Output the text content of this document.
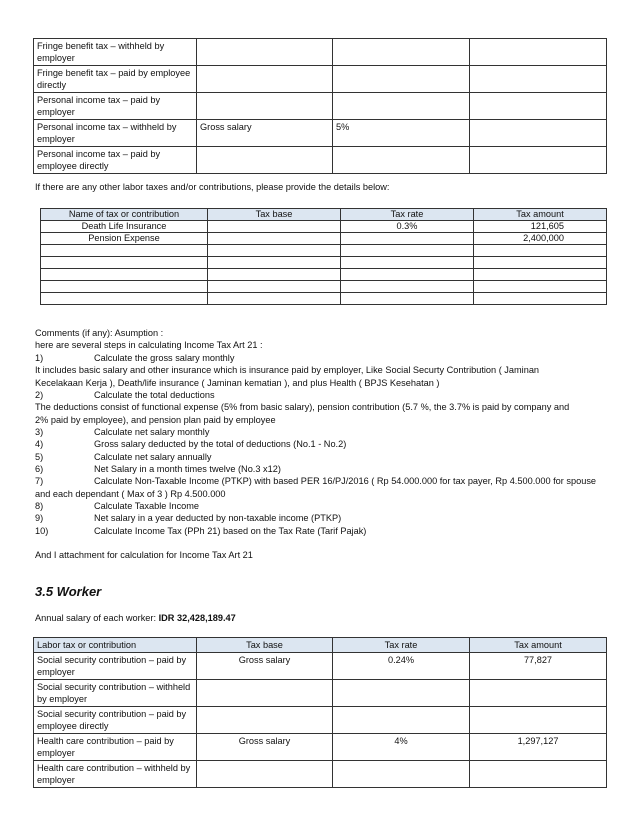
Fringe benefit tax – withheld by employer			
Fringe benefit tax – paid by employee directly			
Personal income tax – paid by employer			
Personal income tax – withheld by employer	Gross salary	5%	
Personal income tax – paid by employee directly			

If there are any other labor taxes and/or contributions, please provide the details below:

Name of tax or contribution	Tax base	Tax rate	Tax amount
Death Life Insurance		0.3%	121,605
Pension Expense			2,400,000

Comments (if any): Asumption :

here are several steps in calculating Income Tax Art 21 :

1)	Calculate the gross salary monthly

It includes basic salary and other insurance which is insurance paid by employer, Like Social Securty Contribution ( Jaminan

Kecelakaan Kerja ), Death/life insurance ( Jaminan kematian ), and plus Health ( BPJS Kesehatan )

2)	Calculate the total deductions

The deductions consist of functional expense (5% from basic salary), pension contribution (5.7 %, the 3.7% is paid by company and

2% paid by employee), and pension plan paid by employee

3)	Calculate net salary monthly

4)	Gross salary deducted by the total of deductions (No.1 - No.2)

5)	Calculate net salary annually

6)	Net Salary in a month times twelve (No.3 x12)

7)	Calculate Non-Taxable Income (PTKP) with based PER 16/PJ/2016 ( Rp 54.000.000 for tax payer, Rp 4.500.000 for spouse

and each dependant ( Max of 3 ) Rp 4.500.000

8)	Calculate Taxable Income

9)	Net salary in a year deducted by non-taxable income (PTKP)

10)	Calculate Income Tax (PPh 21) based on the Tax Rate (Tarif Pajak)

And I attachment for calculation for Income Tax Art 21

3.5 Worker

Annual salary of each worker: IDR 32,428,189.47

Labor tax or contribution	Tax base	Tax rate	Tax amount
Social security contribution – paid by employer	Gross salary	0.24%	77,827
Social security contribution – withheld by employer			
Social security contribution – paid by employee directly			
Health care contribution – paid by employer	Gross salary	4%	1,297,127
Health care contribution – withheld by employer			
